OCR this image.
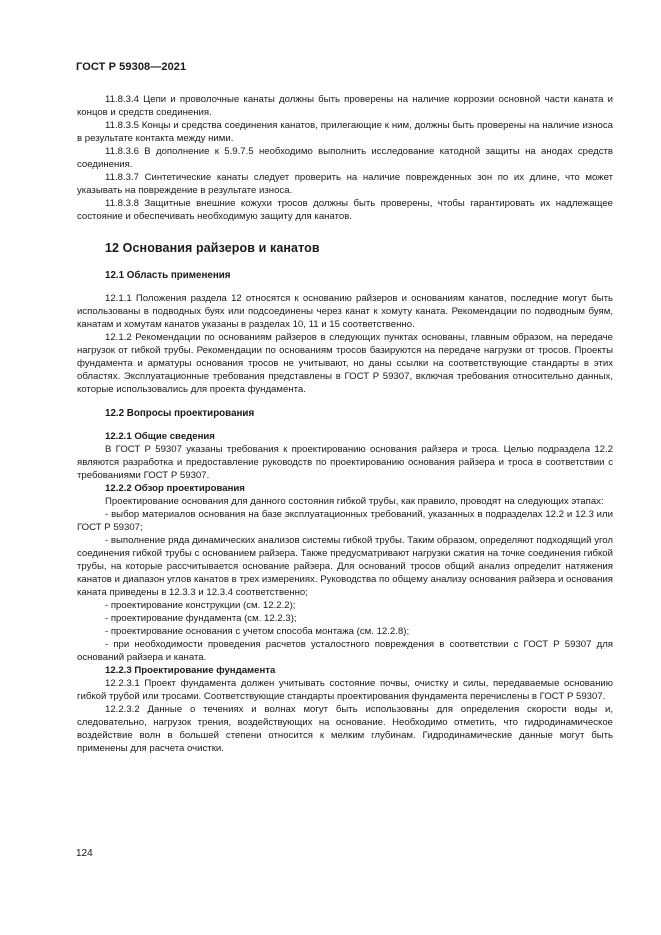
ГОСТ Р 59308—2021

11.8.3.4 Цепи и проволочные канаты должны быть проверены на наличие коррозии основной части каната и концов и средств соединения.

11.8.3.5 Концы и средства соединения канатов, прилегающие к ним, должны быть проверены на наличие износа в результате контакта между ними.

11.8.3.6 В дополнение к 5.9.7.5 необходимо выполнить исследование катодной защиты на анодах средств соединения.

11.8.3.7 Синтетические канаты следует проверить на наличие поврежденных зон по их длине, что может указывать на повреждение в результате износа.

11.8.3.8 Защитные внешние кожухи тросов должны быть проверены, чтобы гарантировать их надлежащее состояние и обеспечивать необходимую защиту для канатов.

12 Основания райзеров и канатов
12.1 Область применения

12.1.1 Положения раздела 12 относятся к основанию райзеров и основаниям канатов, последние могут быть использованы в подводных буях или подсоединены через канат к хомуту каната. Рекомендации по подводным буям, канатам и хомутам канатов указаны в разделах 10, 11 и 15 соответственно.

12.1.2 Рекомендации по основаниям райзеров в следующих пунктах основаны, главным образом, на передаче нагрузок от гибкой трубы. Рекомендации по основаниям тросов базируются на передаче нагрузки от тросов. Проекты фундамента и арматуры основания тросов не учитывают, но даны ссылки на соответствующие стандарты в этих областях. Эксплуатационные требования представлены в ГОСТ Р 59307, включая требования относительно данных, которые использовались для проекта фундамента.

12.2 Вопросы проектирования
12.2.1 Общие сведения

В ГОСТ Р 59307 указаны требования к проектированию основания райзера и троса. Целью подраздела 12.2 являются разработка и предоставление руководств по проектированию основания райзера и троса в соответствии с требованиями ГОСТ Р 59307.

12.2.2 Обзор проектирования

Проектирование основания для данного состояния гибкой трубы, как правило, проводят на следующих этапах:

- выбор материалов основания на базе эксплуатационных требований, указанных в подразделах 12.2 и 12.3 или ГОСТ Р 59307;

- выполнение ряда динамических анализов системы гибкой трубы. Таким образом, определяют подходящий угол соединения гибкой трубы с основанием райзера. Также предусматривают нагрузки сжатия на точке соединения гибкой трубы, на которые рассчитывается основание райзера. Для оснований тросов общий анализ определит натяжения канатов и диапазон углов канатов в трех измерениях. Руководства по общему анализу основания райзера и основания каната приведены в 12.3.3 и 12.3.4 соответственно;

- проектирование конструкции (см. 12.2.2);

- проектирование фундамента (см. 12.2.3);

- проектирование основания с учетом способа монтажа (см. 12.2.8);

- при необходимости проведения расчетов усталостного повреждения в соответствии с ГОСТ Р 59307 для оснований райзера и каната.

12.2.3 Проектирование фундамента

12.2.3.1 Проект фундамента должен учитывать состояние почвы, очистку и силы, передаваемые основанию гибкой трубой или тросами. Соответствующие стандарты проектирования фундамента перечислены в ГОСТ Р 59307.

12.2.3.2 Данные о течениях и волнах могут быть использованы для определения скорости воды и, следовательно, нагрузок трения, воздействующих на основание. Необходимо отметить, что гидродинамическое воздействие волн в большей степени относится к мелким глубинам. Гидродинамические данные могут быть применены для расчета очистки.

124
